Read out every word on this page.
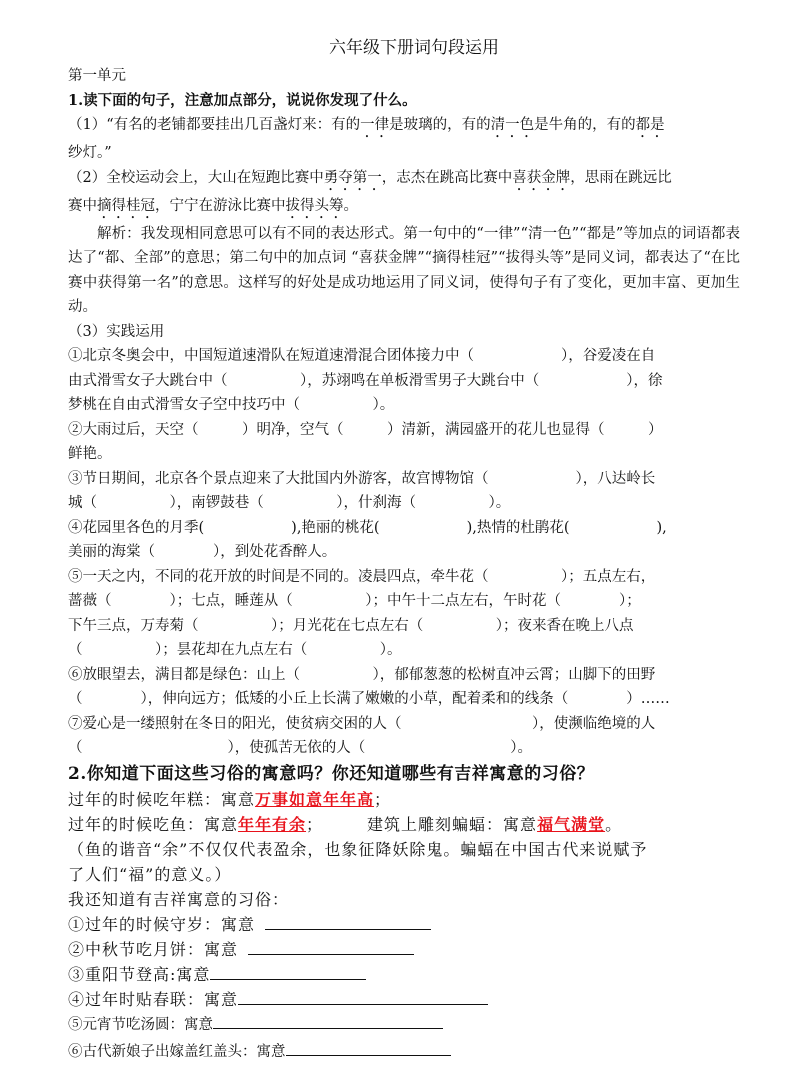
六年级下册词句段运用
第一单元
1.读下面的句子，注意加点部分，说说你发现了什么。
（1）“有名的老铺都要挂出几百盏灯来：有的一律是玻璃的，有的清一色是牛角的，有的都是
纱灯。”
（2）全校运动会上，大山在短跑比赛中勇夺第一，志杰在跳高比赛中喜获金牌，思雨在跳远比
赛中摘得桂冠，宁宁在游泳比赛中拔得头筹。
解析：我发现相同意思可以有不同的表达形式。第一句中的“一律”“清一色”“都是”等加点的词语都表达了“都、全部”的意思；第二句中的加点词 “喜获金牌”“摘得桂冠”“拔得头等”是同义词，都表达了“在比赛中获得第一名”的意思。这样写的好处是成功地运用了同义词，使得句子有了变化，更加丰富、更加生动。
（3）实践运用
①北京冬奥会中，中国短道速滑队在短道速滑混合团体接力中（　　　　　　），谷爱凌在自
由式滑雪女子大跳台中（　　　　　），苏翊鸣在单板滑雪男子大跳台中（　　　　　　），徐
梦桃在自由式滑雪女子空中技巧中（　　　　　）。
②大雨过后，天空（　　　）明净，空气（　　　）清新，满园盛开的花儿也显得（　　　）
鲜艳。
③节日期间，北京各个景点迎来了大批国内外游客，故宫博物馆（　　　　　　），八达岭长
城（　　　　　），南锣鼓巷（　　　　　），什刹海（　　　　　）。
④花园里各色的月季(　　　　　　),艳丽的桃花(　　　　　　),热情的杜鹃花(　　　　　　),
美丽的海棠（　　　　），到处花香醉人。
⑤一天之内，不同的花开放的时间是不同的。凌晨四点，牵牛花（　　　　　）；五点左右，
蔷薇（　　　　）；七点，睡莲从（　　　　　）；中午十二点左右，午时花（　　　　）；
下午三点，万寿菊（　　　　　）；月光花在七点左右（　　　　　）；夜来香在晚上八点
（　　　　　）；昙花却在九点左右（　　　　　）。
⑥放眼望去，满目都是绿色：山上（　　　　　），郁郁葱葱的松树直冲云霄；山脚下的田野
（　　　　），伸向远方；低矮的小丘上长满了嫩嫩的小草，配着柔和的线条（　　　　）……
⑦爱心是一缕照射在冬日的阳光，使贫病交困的人（　　　　　　　　　），使濒临绝境的人
（　　　　　　　　　　），使孤苦无依的人（　　　　　　　　　　）。
2.你知道下面这些习俗的寓意吗？你还知道哪些有吉祥寓意的习俗？
过年的时候吃年糕：寓意万事如意年年高；
过年的时候吃鱼：寓意年年有余；	建筑上雕刻蝙蝠：寓意福气满堂。
（鱼的谐音“余”不仅仅代表盈余，也象征降妖除鬼。蝙蝠在中国古代来说赋予
了人们“福”的意义。）
我还知道有吉祥寓意的习俗：
①过年的时候守岁：寓意
②中秋节吃月饼：寓意
③重阳节登高:寓意
④过年时贴春联：寓意
⑤元宵节吃汤圆：寓意
⑥古代新娘子出嫁盖红盖头：寓意
